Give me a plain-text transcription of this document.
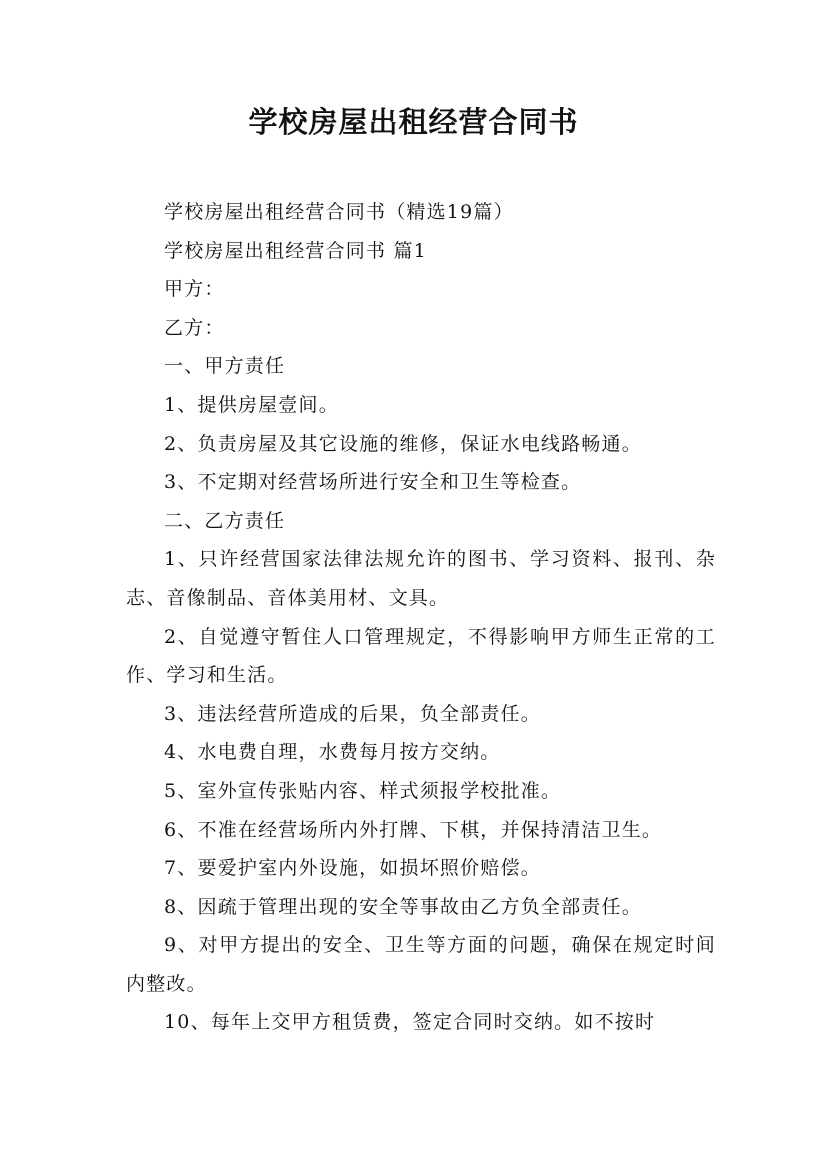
学校房屋出租经营合同书

学校房屋出租经营合同书（精选19篇）

学校房屋出租经营合同书 篇1

甲方：

乙方：

一、甲方责任

1、提供房屋壹间。

2、负责房屋及其它设施的维修，保证水电线路畅通。

3、不定期对经营场所进行安全和卫生等检查。

二、乙方责任

1、只许经营国家法律法规允许的图书、学习资料、报刊、杂志、音像制品、音体美用材、文具。

2、自觉遵守暂住人口管理规定，不得影响甲方师生正常的工作、学习和生活。

3、违法经营所造成的后果，负全部责任。

4、水电费自理，水费每月按方交纳。

5、室外宣传张贴内容、样式须报学校批准。

6、不准在经营场所内外打牌、下棋，并保持清洁卫生。

7、要爱护室内外设施，如损坏照价赔偿。

8、因疏于管理出现的安全等事故由乙方负全部责任。

9、对甲方提出的安全、卫生等方面的问题，确保在规定时间内整改。

10、每年上交甲方租赁费，签定合同时交纳。如不按时
